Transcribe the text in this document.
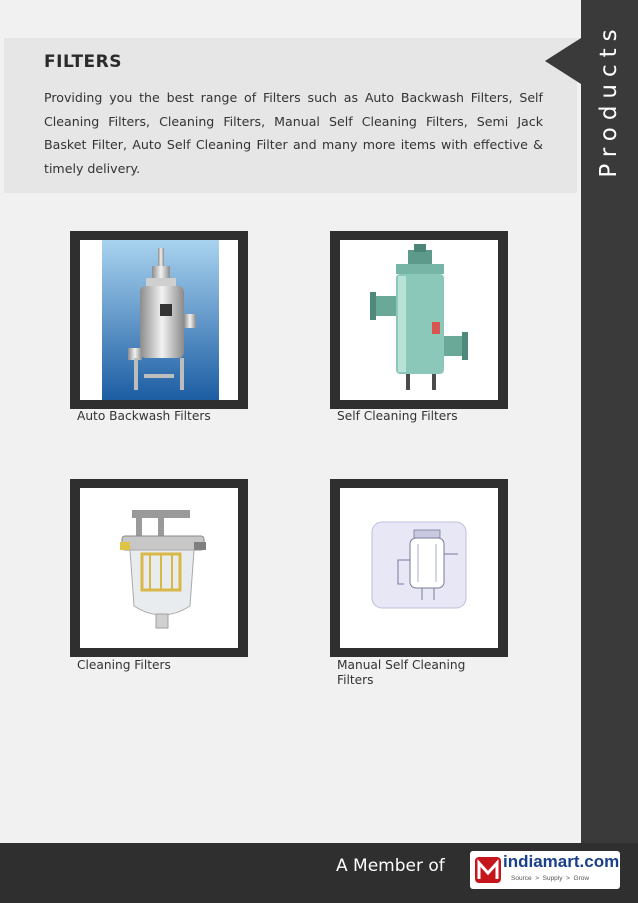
Products
FILTERS
Providing you the best range of Filters such as Auto Backwash Filters, Self Cleaning Filters, Cleaning Filters, Manual Self Cleaning Filters, Semi Jack Basket Filter, Auto Self Cleaning Filter and many more items with effective & timely delivery.
Auto Backwash Filters	Self Cleaning Filters
Cleaning Filters	Manual Self Cleaning Filters
A Member of	indiamart.com
Source  >  Supply  >  Grow
